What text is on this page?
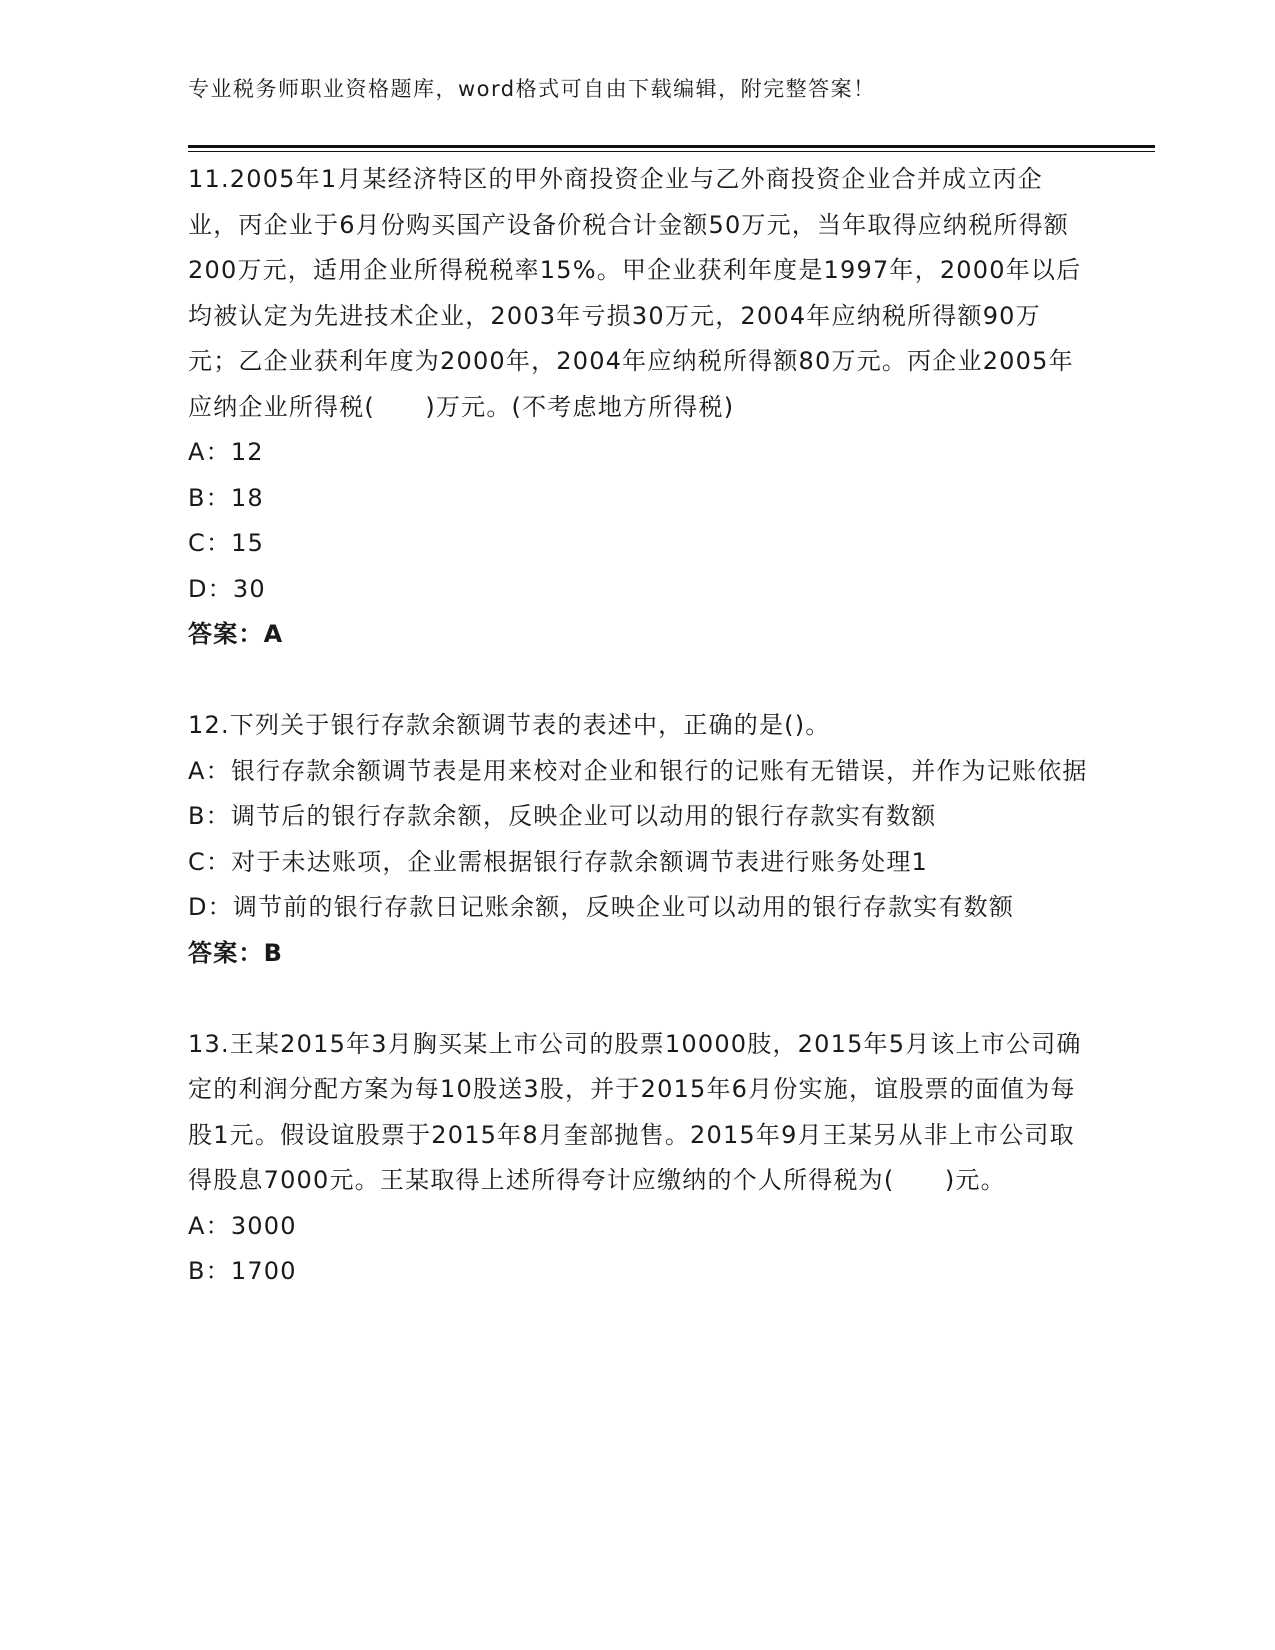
专业税务师职业资格题库，word格式可自由下载编辑，附完整答案！

11.2005年1月某经济特区的甲外商投资企业与乙外商投资企业合并成立丙企业，丙企业于6月份购买国产设备价税合计金额50万元，当年取得应纳税所得额200万元，适用企业所得税税率15%。甲企业获利年度是1997年，2000年以后均被认定为先进技术企业，2003年亏损30万元，2004年应纳税所得额90万元；乙企业获利年度为2000年，2004年应纳税所得额80万元。丙企业2005年应纳企业所得税(　　)万元。(不考虑地方所得税)

A：12

B：18

C：15

D：30

答案：A

12.下列关于银行存款余额调节表的表述中，正确的是()。

A：银行存款余额调节表是用来校对企业和银行的记账有无错误，并作为记账依据

B：调节后的银行存款余额，反映企业可以动用的银行存款实有数额

C：对于未达账项，企业需根据银行存款余额调节表进行账务处理1

D：调节前的银行存款日记账余额，反映企业可以动用的银行存款实有数额

答案：B

13.王某2015年3月胸买某上市公司的股票10000肢，2015年5月该上市公司确定的利润分配方案为每10股送3股，并于2015年6月份实施，谊股票的面值为每股1元。假设谊股票于2015年8月奎部抛售。2015年9月王某另从非上市公司取得股息7000元。王某取得上述所得夸计应缴纳的个人所得税为(　　)元。

A：3000

B：1700
